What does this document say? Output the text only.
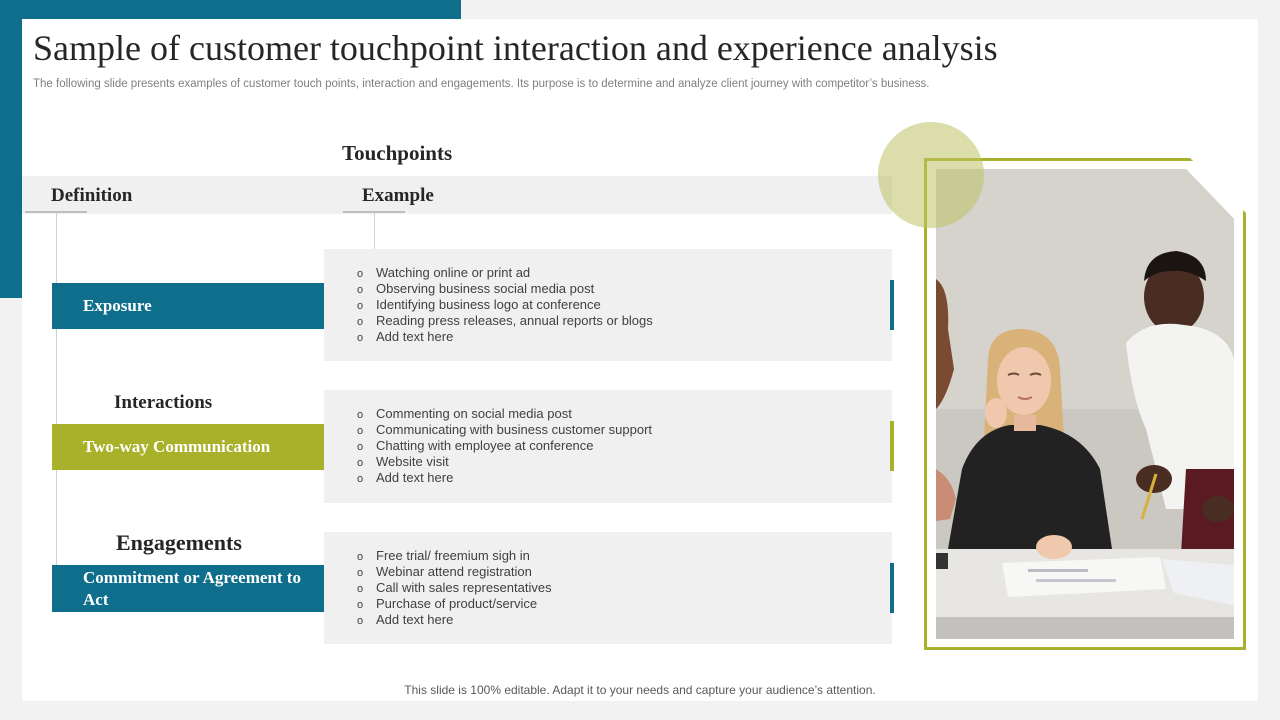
Sample of customer touchpoint interaction and experience analysis
The following slide presents examples of customer touch points, interaction and engagements. Its purpose is to determine and analyze client journey with competitor’s business.
Touchpoints
Definition	Example
Interactions
Engagements
Exposure
o Watching online or print ad
o Observing business social media post
o Identifying business logo at conference
o Reading press releases, annual reports or blogs
o Add text here
Two-way Communication
o Commenting on social media post
o Communicating with business customer support
o Chatting with employee at conference
o Website visit
o Add text here
Commitment or Agreement to Act
o Free trial/ freemium sigh in
o Webinar attend registration
o Call with sales representatives
o Purchase of product/service
o Add text here
This slide is 100% editable. Adapt it to your needs and capture your audience’s attention.
